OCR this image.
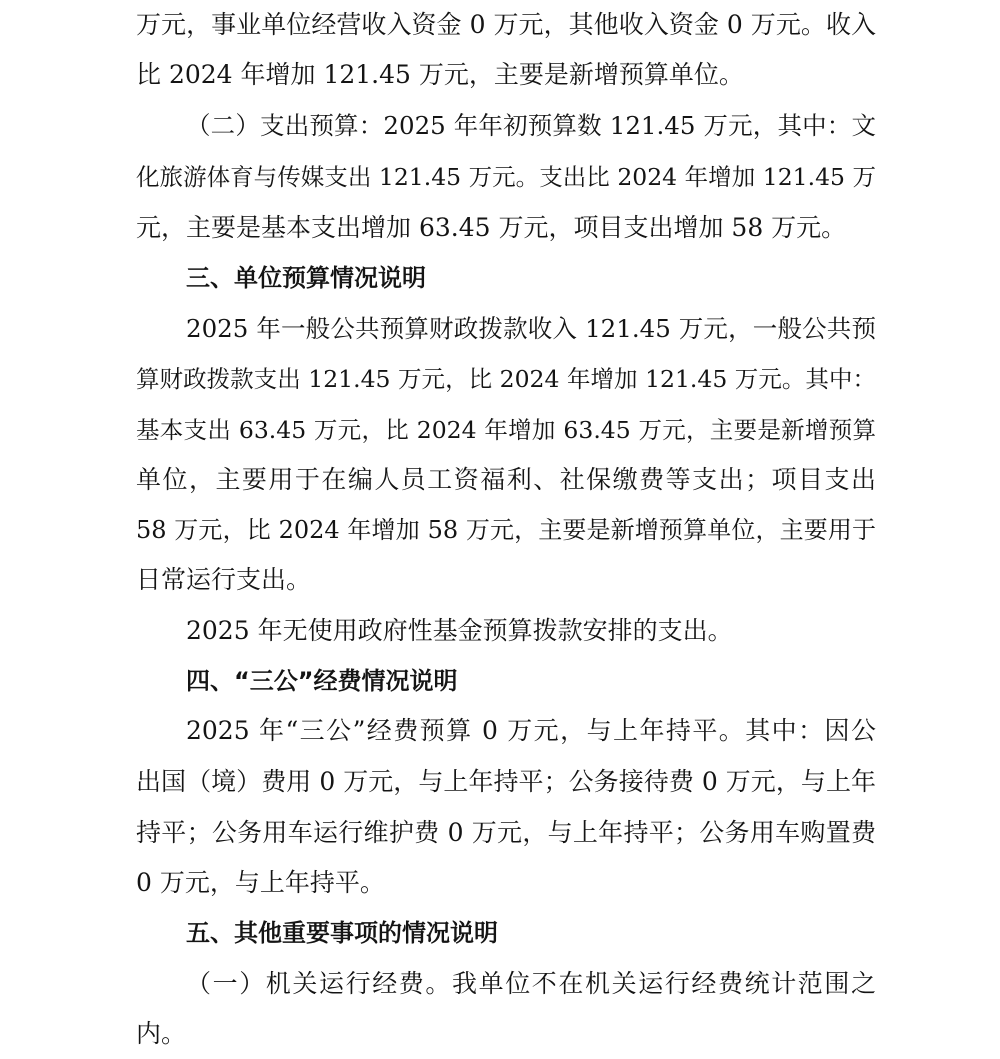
万元，事业单位经营收入资金 0 万元，其他收入资金 0 万元。收入
比 2024 年增加 121.45 万元，主要是新增预算单位。
（二）支出预算：2025 年年初预算数 121.45 万元，其中：文
化旅游体育与传媒支出 121.45 万元。支出比 2024 年增加 121.45 万
元，主要是基本支出增加 63.45 万元，项目支出增加 58 万元。
三、单位预算情况说明
2025 年一般公共预算财政拨款收入 121.45 万元，一般公共预
算财政拨款支出 121.45 万元，比 2024 年增加 121.45 万元。其中：
基本支出 63.45 万元，比 2024 年增加 63.45 万元，主要是新增预算
单位，主要用于在编人员工资福利、社保缴费等支出；项目支出
58 万元，比 2024 年增加 58 万元，主要是新增预算单位，主要用于
日常运行支出。
2025 年无使用政府性基金预算拨款安排的支出。
四、“三公”经费情况说明
2025 年“三公”经费预算 0 万元，与上年持平。其中：因公
出国（境）费用 0 万元，与上年持平；公务接待费 0 万元，与上年
持平；公务用车运行维护费 0 万元，与上年持平；公务用车购置费
0 万元，与上年持平。
五、其他重要事项的情况说明
（一）机关运行经费。我单位不在机关运行经费统计范围之
内。
